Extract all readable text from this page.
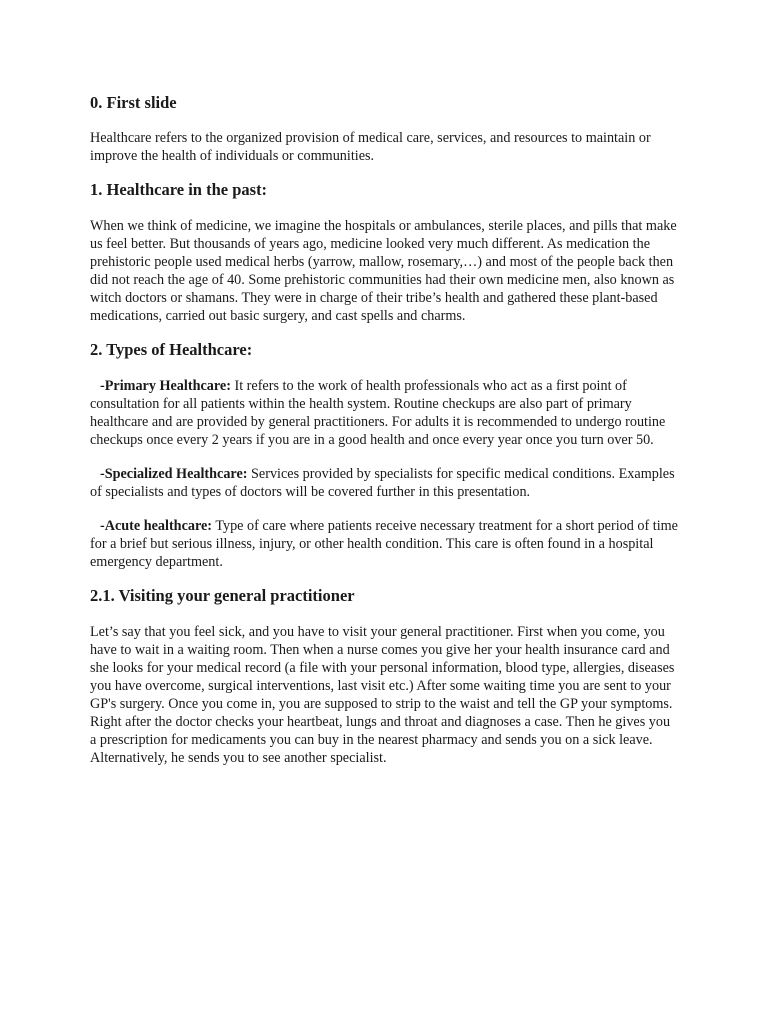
0. First slide

Healthcare refers to the organized provision of medical care, services, and resources to maintain or improve the health of individuals or communities.

1. Healthcare in the past:

When we think of medicine, we imagine the hospitals or ambulances, sterile places, and pills that make us feel better. But thousands of years ago, medicine looked very much different. As medication the prehistoric people used medical herbs (yarrow, mallow, rosemary,…) and most of the people back then did not reach the age of 40. Some prehistoric communities had their own medicine men, also known as witch doctors or shamans. They were in charge of their tribe’s health and gathered these plant-based medications, carried out basic surgery, and cast spells and charms.

2. Types of Healthcare:

-Primary Healthcare: It refers to the work of health professionals who act as a first point of consultation for all patients within the health system. Routine checkups are also part of primary healthcare and are provided by general practitioners. For adults it is recommended to undergo routine checkups once every 2 years if you are in a good health and once every year once you turn over 50.

-Specialized Healthcare: Services provided by specialists for specific medical conditions. Examples of specialists and types of doctors will be covered further in this presentation.

-Acute healthcare: Type of care where patients receive necessary treatment for a short period of time for a brief but serious illness, injury, or other health condition. This care is often found in a hospital emergency department.

2.1. Visiting your general practitioner

Let’s say that you feel sick, and you have to visit your general practitioner. First when you come, you have to wait in a waiting room. Then when a nurse comes you give her your health insurance card and she looks for your medical record (a file with your personal information, blood type, allergies, diseases you have overcome, surgical interventions, last visit etc.) After some waiting time you are sent to your GP's surgery. Once you come in, you are supposed to strip to the waist and tell the GP your symptoms. Right after the doctor checks your heartbeat, lungs and throat and diagnoses a case. Then he gives you a prescription for medicaments you can buy in the nearest pharmacy and sends you on a sick leave. Alternatively, he sends you to see another specialist.
